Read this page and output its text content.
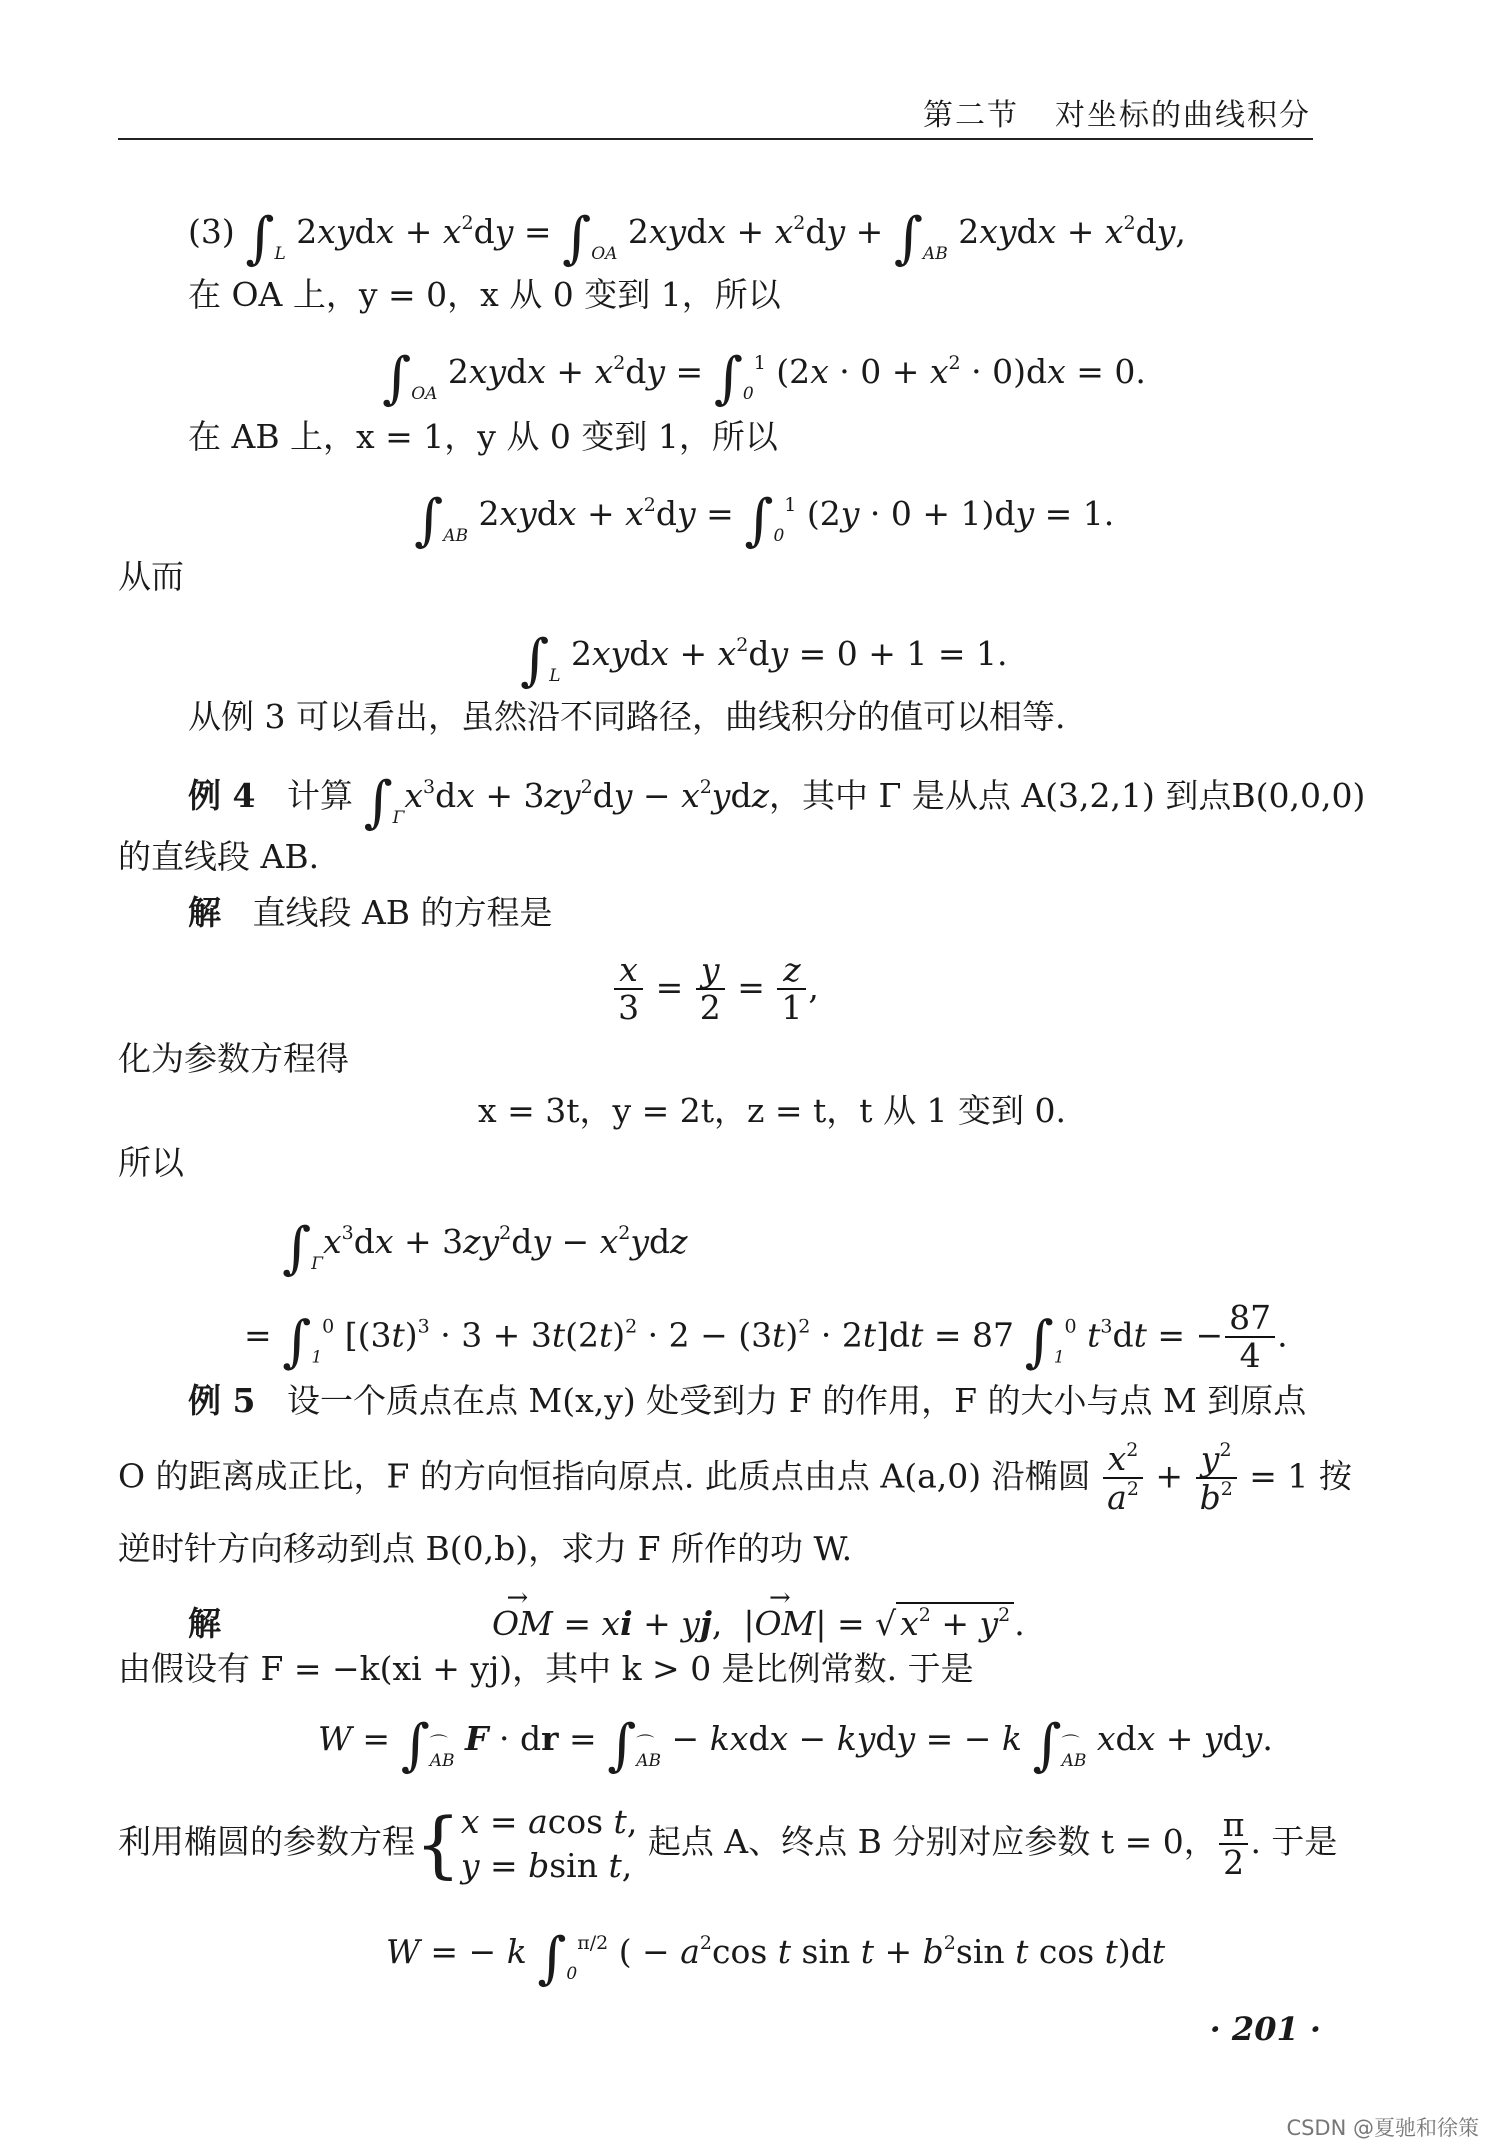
第二节 对坐标的曲线积分
(3) $\int_L$ 2xydx + $x^2dy = \int_{OA}$ 2xydx + $x^2dy + \int_{AB}$ 2xydx + $x^2dy$,
在 OA 上，y = 0，x 从 0 变到 1，所以
$\int_{OA}$ 2xydx + $x^2dy = \int_0^1$ $(2x \cdot 0 + x^2 \cdot 0)dx = 0$.
在 AB 上，x = 1，y 从 0 变到 1，所以
$\int_{AB}$ 2xydx + $x^2dy = \int_0^1$ (2y · 0 + 1)dy = 1.
从而
$\int_L$ 2xydx + $x^2dy = 0 + 1 = 1$.
从例 3 可以看出，虽然沿不同路径，曲线积分的值可以相等.
例 4 计算 $\int_\Gamma x^3dx + 3zy^2dy - x^2ydz$，其中 Γ 是从点 A(3,2,1) 到点B(0,0,0)
的直线段 AB.
解 直线段 AB 的方程是
$\frac{x}{3} = \frac{y}{2} = \frac{z}{1}$ ,
化为参数方程得
x = 3t，y = 2t，z = t，t 从 1 变到 0.
所以
$\int_\Gamma x^3dx + 3zy^2dy - x^2ydz$
= $\int_1^0$ $[(3t)^3 \cdot 3 + 3t(2t)^2 \cdot 2 - (3t)^2 \cdot 2t]dt = 87$ $\int_1^0$ $t^3dt$ = − $\frac{87}{4}$ .
例 5 设一个质点在点 M(x,y) 处受到力 F 的作用，F 的大小与点 M 到原点
O 的距离成正比，F 的方向恒指向原点. 此质点由点 A(a,0) 沿椭圆 $\frac{x^2}{a^2} + \frac{y^2}{b^2} = 1$ 按
逆时针方向移动到点 B(0,b)，求力 F 所作的功 W.
解  →	OM = xi + yj,  |→ OM| = √ $x^2 + y^2$ .
由假设有 F = −k(xi + yj)，其中 k > 0 是比例常数. 于是
W = ∫⌒ AB F · dr = ∫⌒ AB − kxdx − kydy = − k ∫⌒ AB xdx + ydy.
利用椭圆的参数方程{ x = acos t,
y = bsin t,
起点 A、终点 B 分别对应参数 t = 0， $\frac{\pi}{2}$ . 于是
W = − k $\int_0^{\pi/2}$ ( − $a^2\cos$ t $\sin t + b^2\sin$ t cos t)dt
· 201 ·
CSDN @夏驰和徐策
